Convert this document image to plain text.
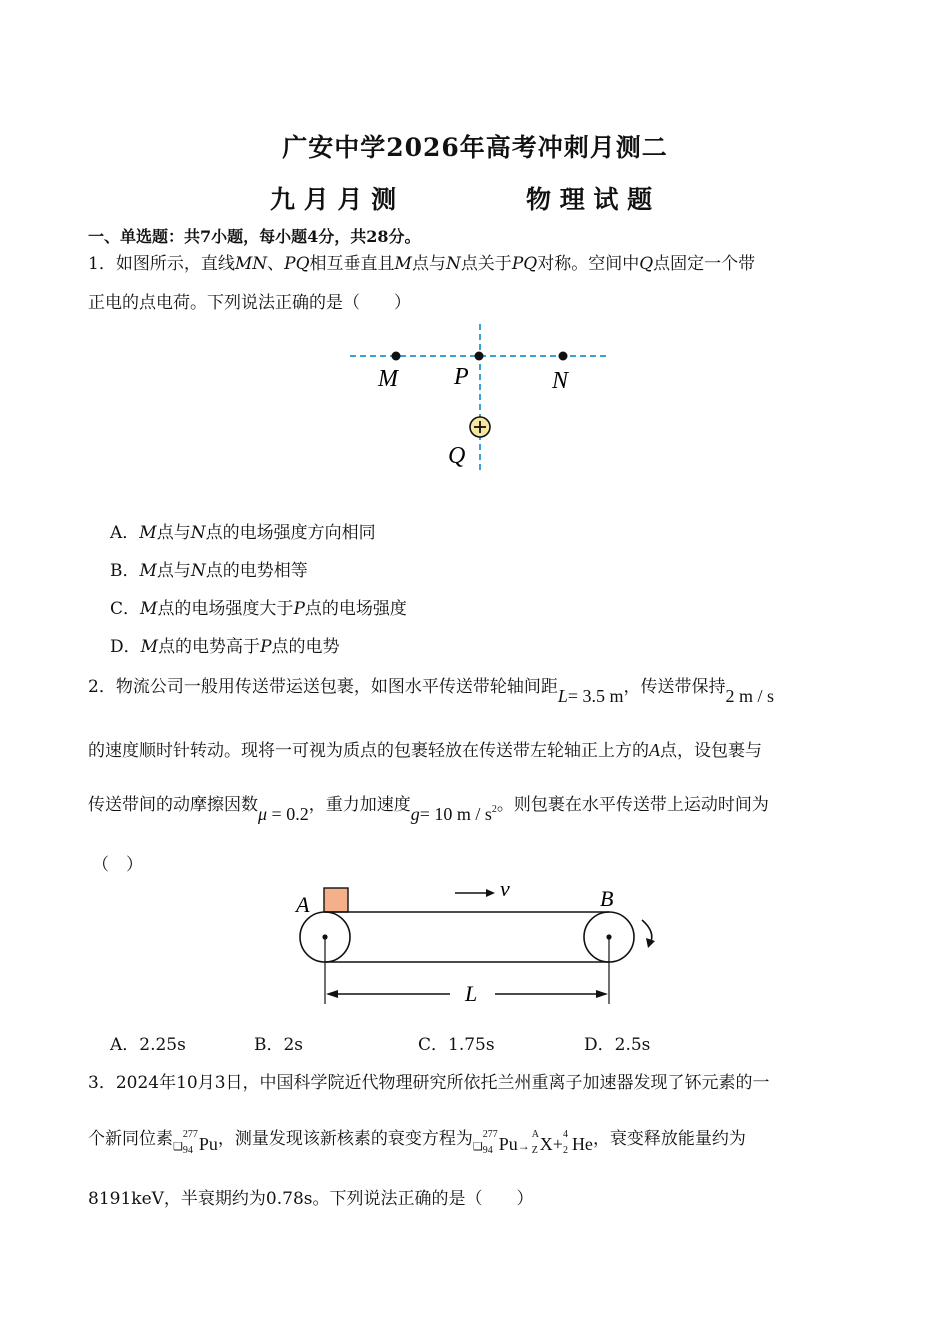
广安中学2026年高考冲刺月测二
九 月 月 测	物 理 试 题
一、单选题：共7小题，每小题4分，共28分。
1．如图所示，直线MN、PQ相互垂直且M点与N点关于PQ对称。空间中Q点固定一个带
正电的点电荷。下列说法正确的是（　　）
M P	N
Q
A．M点与N点的电场强度方向相同
B．M点与N点的电势相等
C．M点的电场强度大于P点的电场强度
D．M点的电势高于P点的电势
2．物流公司一般用传送带运送包裹，如图水平传送带轮轴间距L= 3.5 m，传送带保持2 m / s
的速度顺时针转动。现将一可视为质点的包裹轻放在传送带左轮轴正上方的A点，设包裹与
传送带间的动摩擦因数μ = 0.2，重力加速度g= 10 m / $s^2$。则包裹在水平传送带上运动时间为
（　）
v
A	B
L
A．2.25s	B．2s	C．1.75s	D．2.5s
3．2024年10月3日，中国科学院近代物理研究所依托兰州重离子加速器发现了钚元素的一
个新同位素❑
277
94 Pu，测量发现该新核素的衰变方程为❑
277
94 Pu→
A
Z X+ 4
2 He，衰变释放能量约为
8191keV，半衰期约为0.78s。下列说法正确的是（　　）
